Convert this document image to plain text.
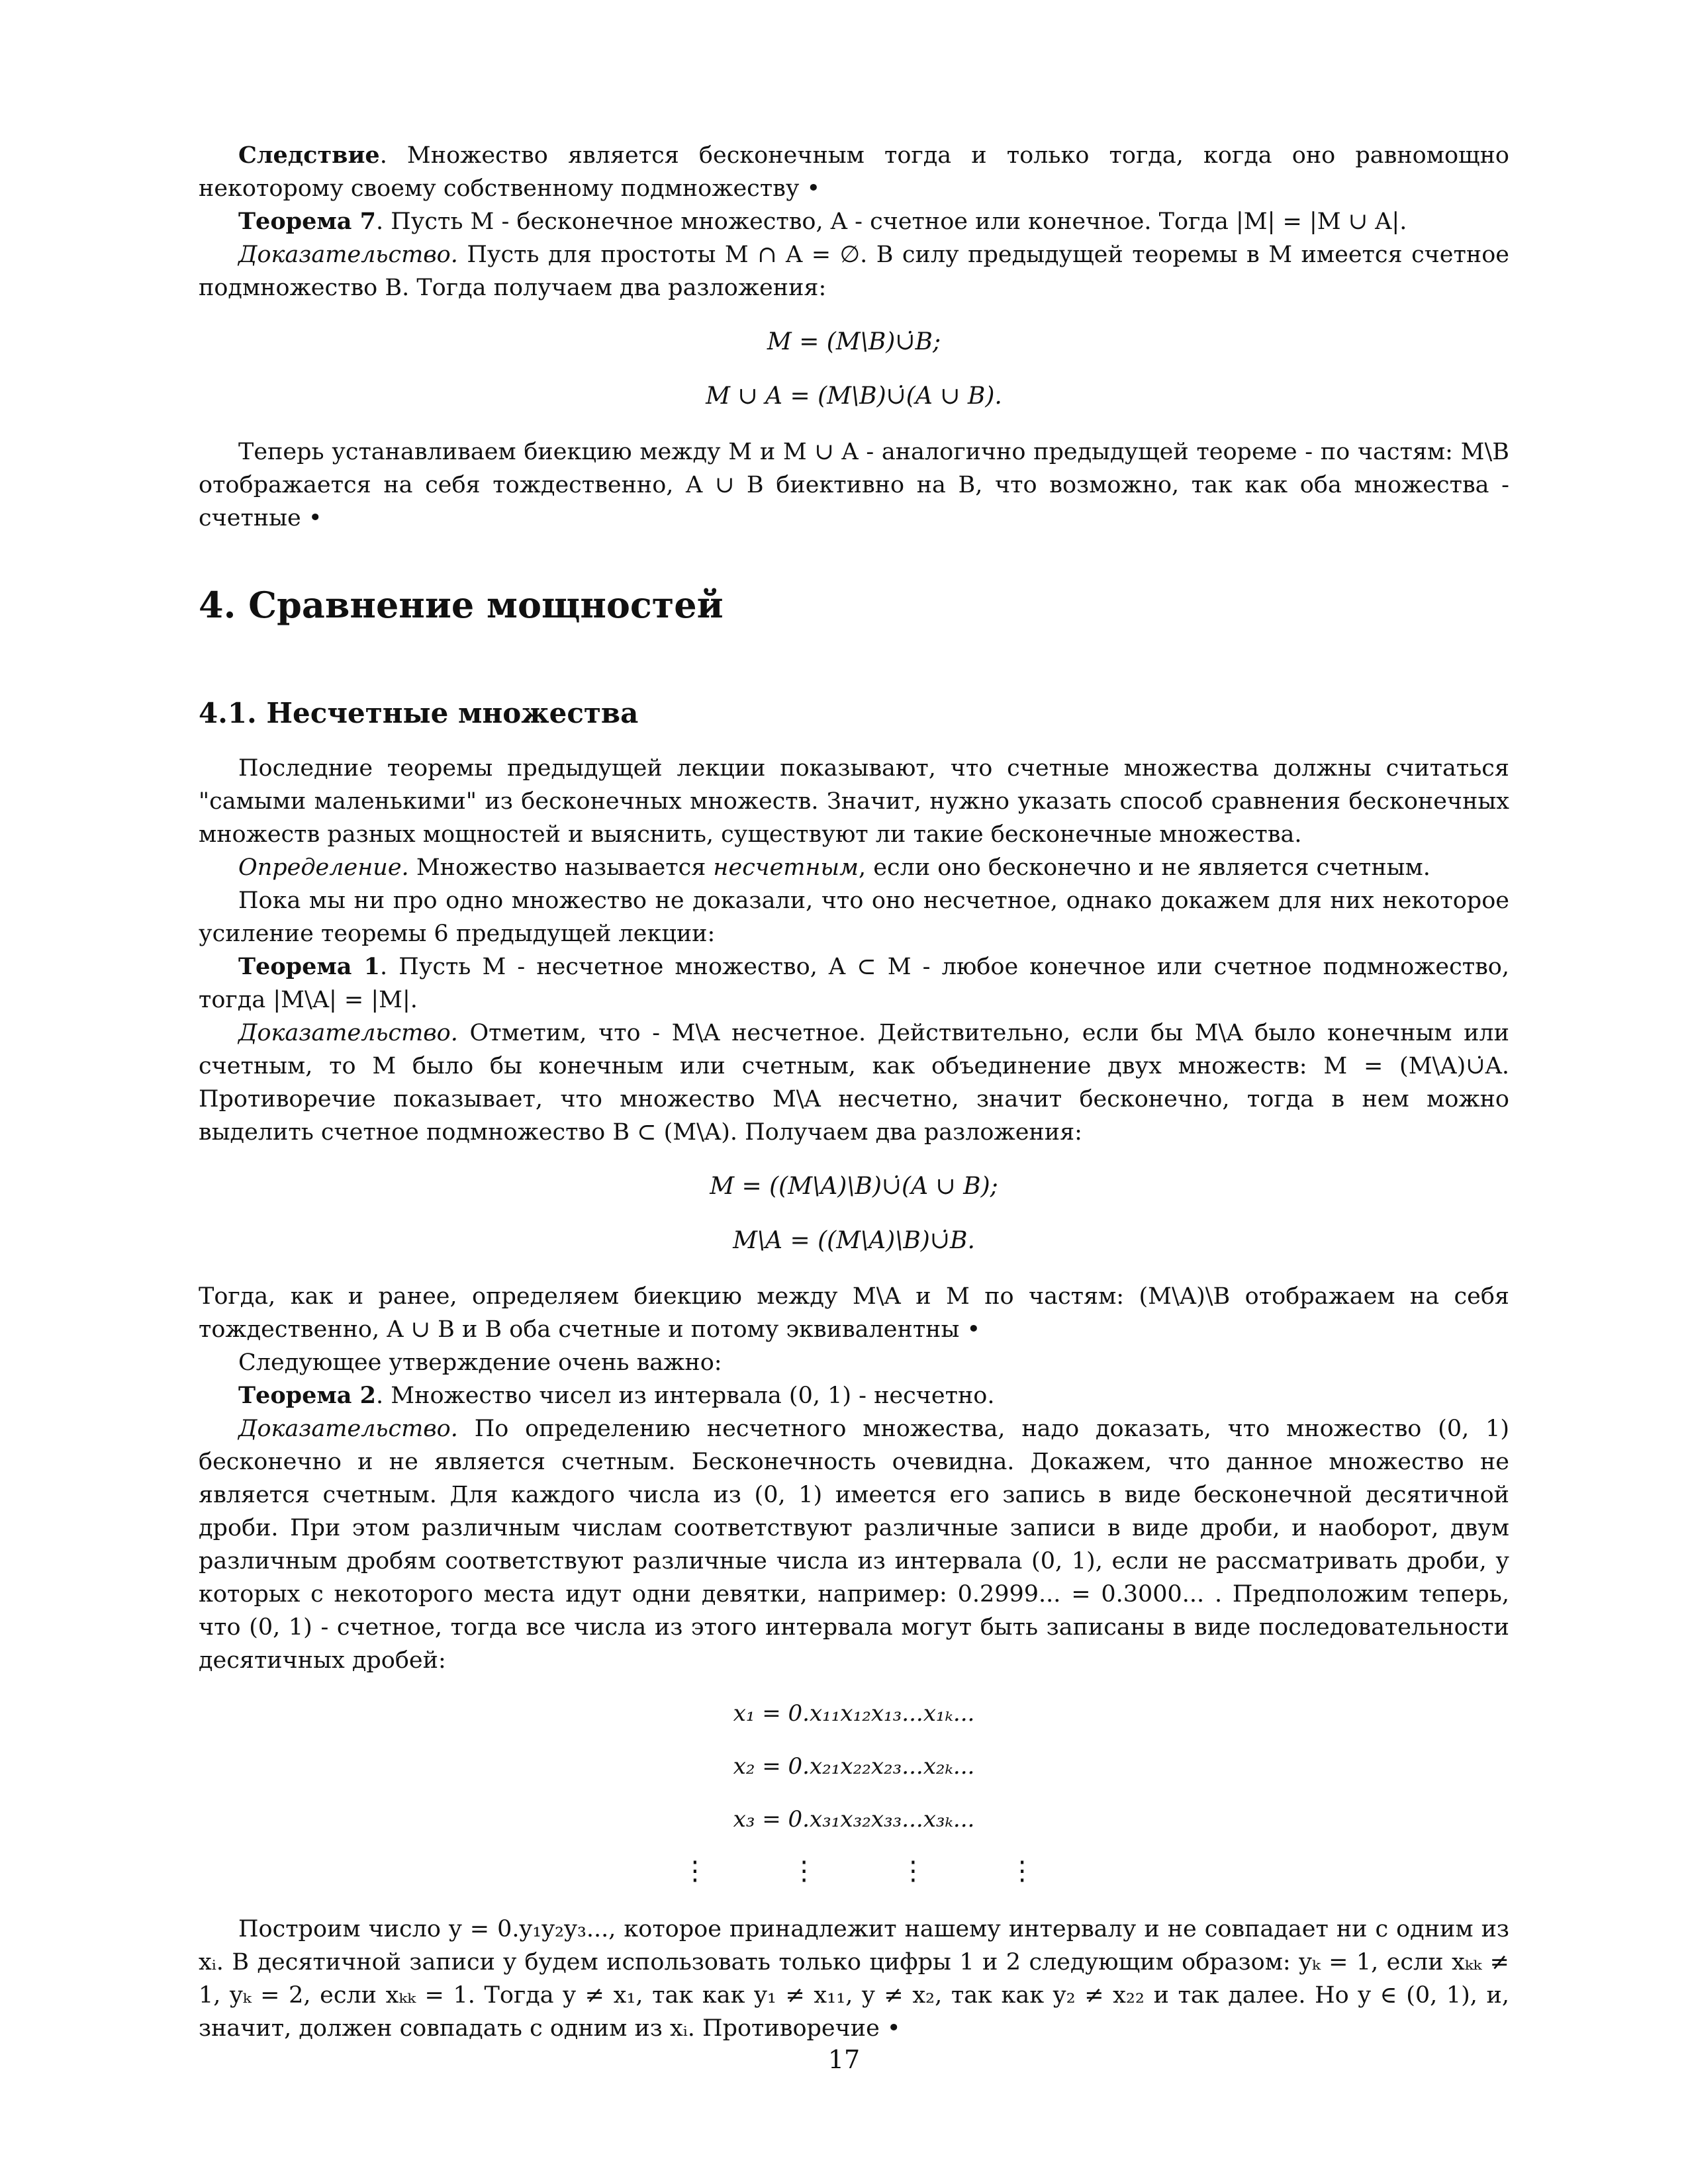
Следствие. Множество является бесконечным тогда и только тогда, когда оно равномощно некоторому своему собственному подмножеству •

Теорема 7. Пусть M - бесконечное множество, A - счетное или конечное. Тогда |M| = |M ∪ A|.

Доказательство. Пусть для простоты M ∩ A = ∅. В силу предыдущей теоремы в M имеется счетное подмножество B. Тогда получаем два разложения:

M = (M\B)∪̇B;
M ∪ A = (M\B)∪̇(A ∪ B).

Теперь устанавливаем биекцию между M и M ∪ A - аналогично предыдущей теореме - по частям: M\B отображается на себя тождественно, A ∪ B биективно на B, что возможно, так как оба множества - счетные •

4. Сравнение мощностей
4.1. Несчетные множества

Последние теоремы предыдущей лекции показывают, что счетные множества должны считаться "самыми маленькими" из бесконечных множеств. Значит, нужно указать способ сравнения бесконечных множеств разных мощностей и выяснить, существуют ли такие бесконечные множества.

Определение. Множество называется несчетным, если оно бесконечно и не является счетным.

Пока мы ни про одно множество не доказали, что оно несчетное, однако докажем для них некоторое усиление теоремы 6 предыдущей лекции:

Теорема 1. Пусть M - несчетное множество, A ⊂ M - любое конечное или счетное подмножество, тогда |M\A| = |M|.

Доказательство. Отметим, что - M\A несчетное. Действительно, если бы M\A было конечным или счетным, то M было бы конечным или счетным, как объединение двух множеств: M = (M\A)∪̇A. Противоречие показывает, что множество M\A несчетно, значит бесконечно, тогда в нем можно выделить счетное подмножество B ⊂ (M\A). Получаем два разложения:

M = ((M\A)\B)∪̇(A ∪ B);
M\A = ((M\A)\B)∪̇B.

Тогда, как и ранее, определяем биекцию между M\A и M по частям: (M\A)\B отображаем на себя тождественно, A ∪ B и B оба счетные и потому эквивалентны •

Следующее утверждение очень важно:

Теорема 2. Множество чисел из интервала (0, 1) - несчетно.

Доказательство. По определению несчетного множества, надо доказать, что множество (0, 1) бесконечно и не является счетным. Бесконечность очевидна. Докажем, что данное множество не является счетным. Для каждого числа из (0, 1) имеется его запись в виде бесконечной десятичной дроби. При этом различным числам соответствуют различные записи в виде дроби, и наоборот, двум различным дробям соответствуют различные числа из интервала (0, 1), если не рассматривать дроби, у которых с некоторого места идут одни девятки, например: 0.2999... = 0.3000... . Предположим теперь, что (0, 1) - счетное, тогда все числа из этого интервала могут быть записаны в виде последовательности десятичных дробей:

x₁ = 0.x₁₁x₁₂x₁₃...x₁ₖ...
x₂ = 0.x₂₁x₂₂x₂₃...x₂ₖ...
x₃ = 0.x₃₁x₃₂x₃₃...x₃ₖ...
⋮ ⋮ ⋮ ⋮

Построим число y = 0.y₁y₂y₃..., которое принадлежит нашему интервалу и не совпадает ни с одним из xᵢ. В десятичной записи y будем использовать только цифры 1 и 2 следующим образом: yₖ = 1, если xₖₖ ≠ 1, yₖ = 2, если xₖₖ = 1. Тогда y ≠ x₁, так как y₁ ≠ x₁₁, y ≠ x₂, так как y₂ ≠ x₂₂ и так далее. Но y ∈ (0, 1), и, значит, должен совпадать с одним из xᵢ. Противоречие •

17
